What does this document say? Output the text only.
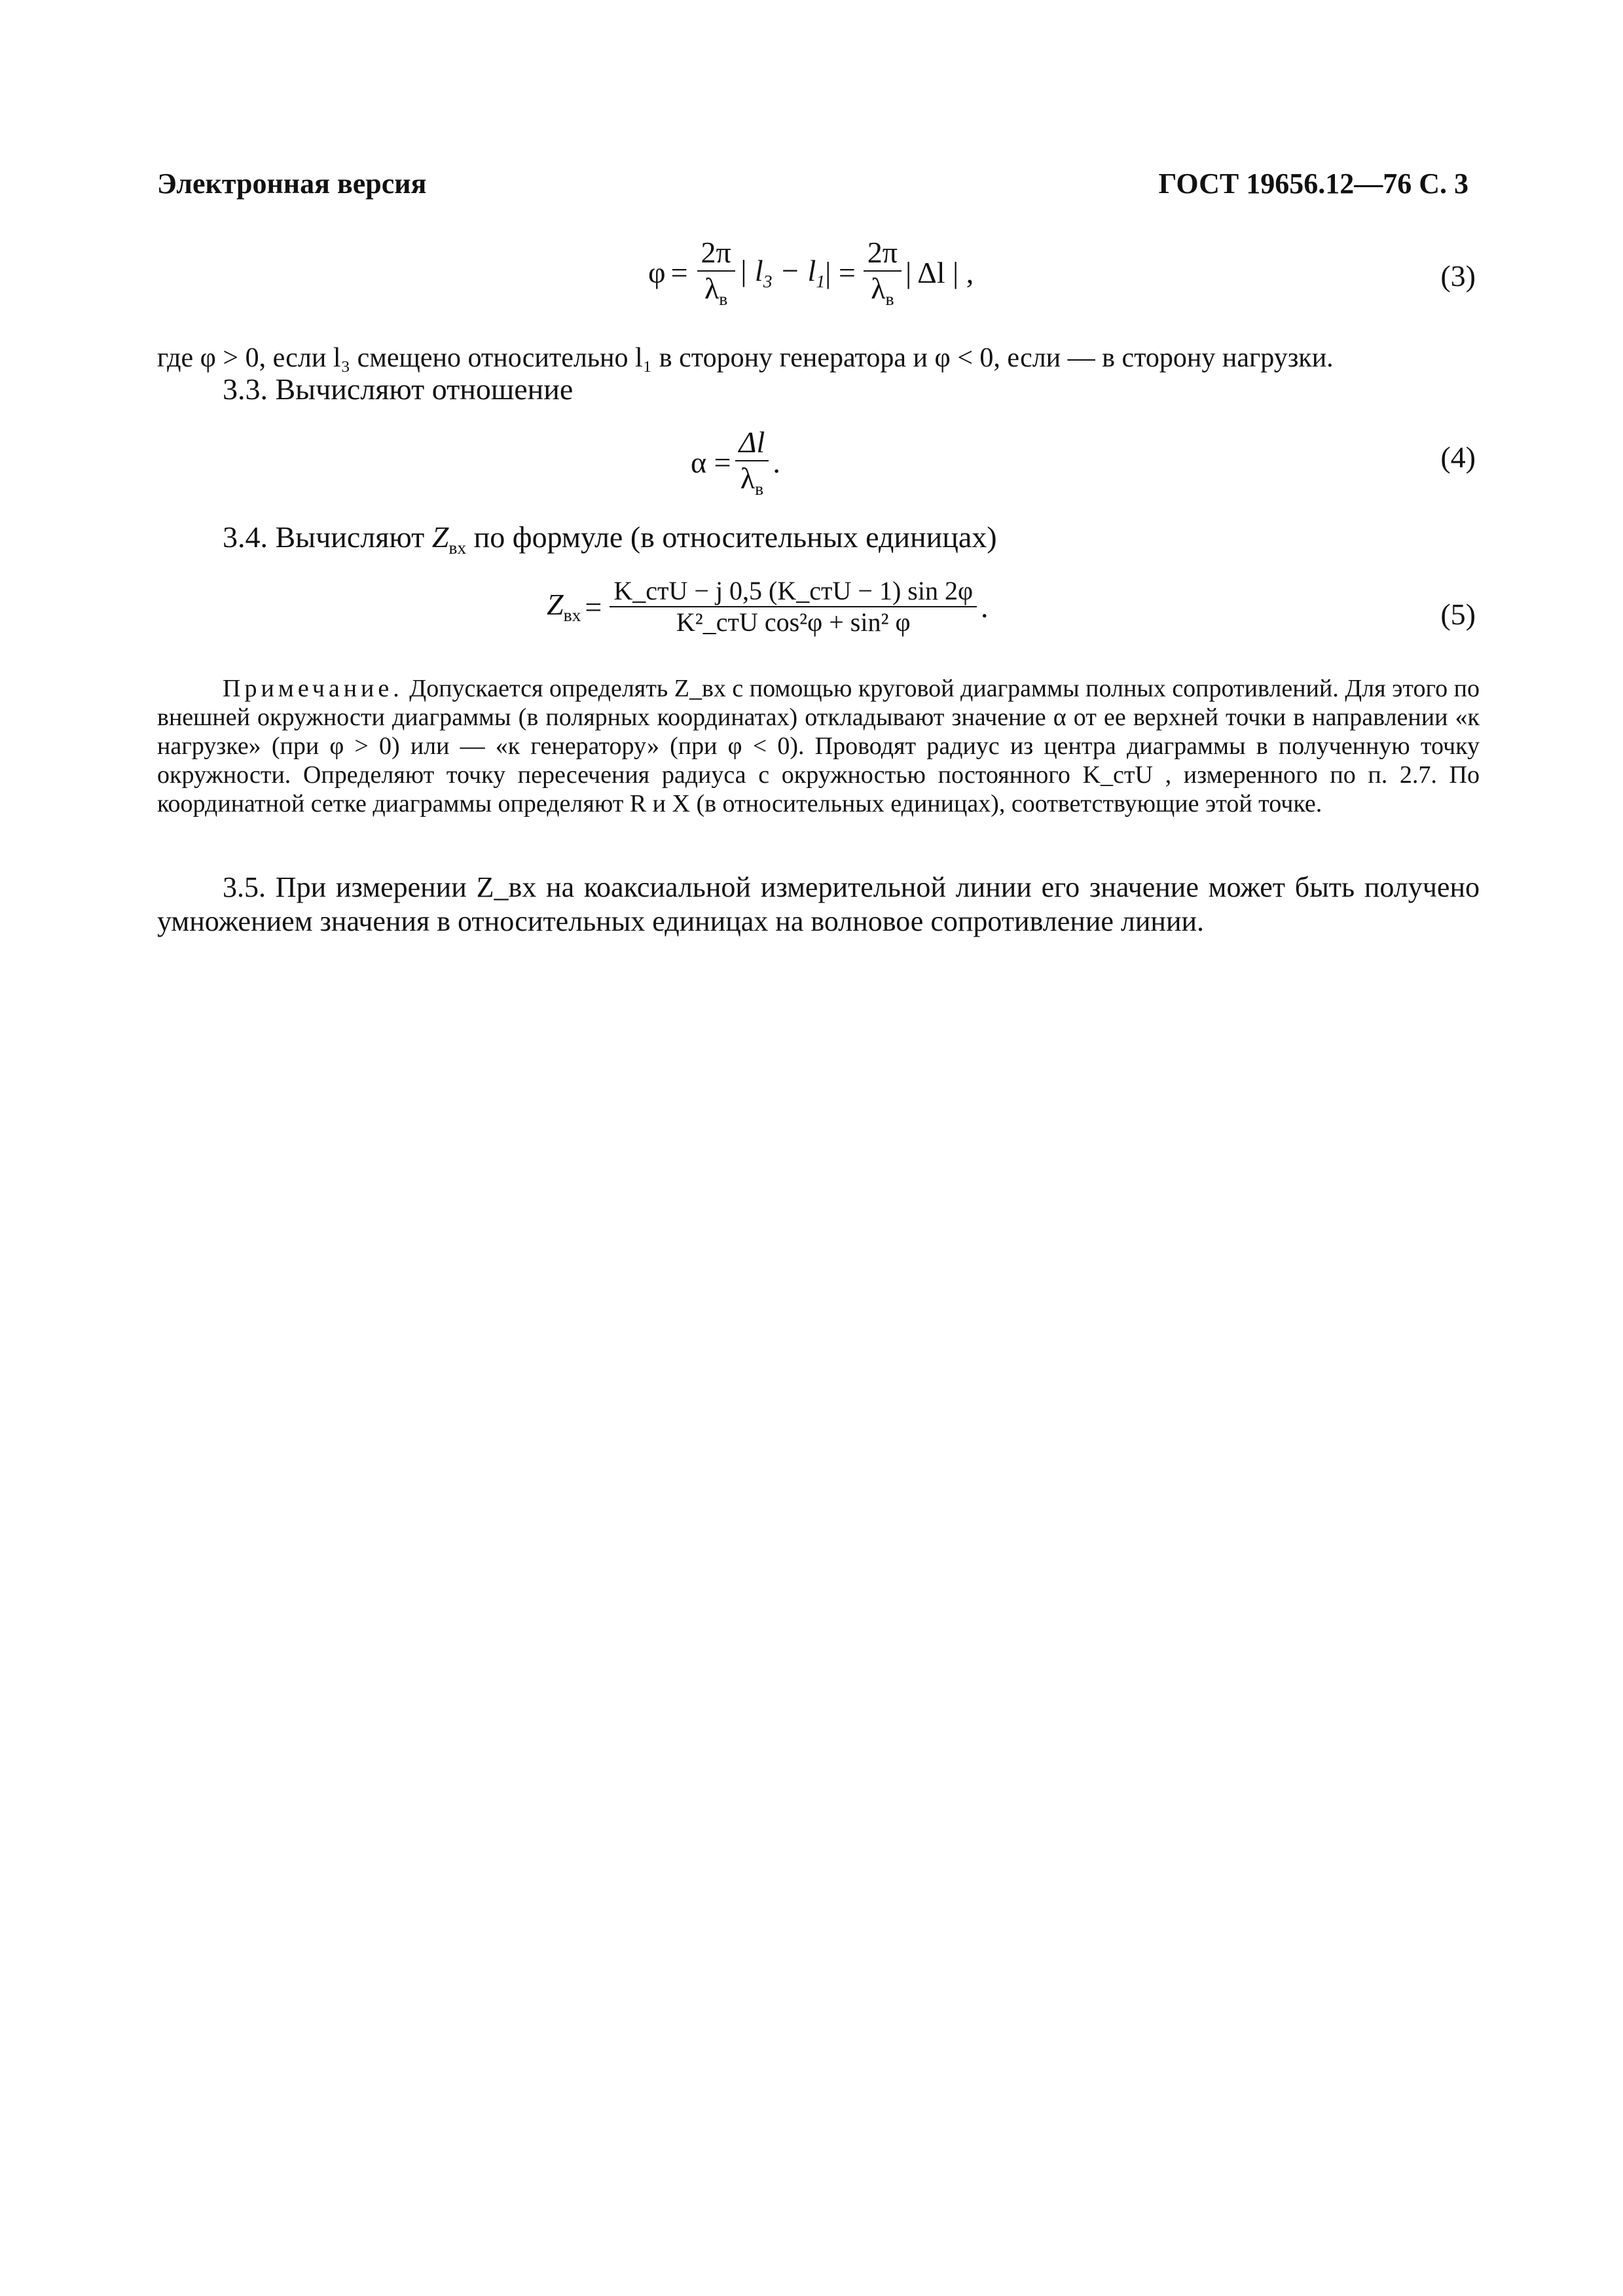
Электронная версия	ГОСТ 19656.12—76 С. 3
$\varphi = \frac{2\pi}{\lambda_в}$ | $l_3 - l_1$ | = $\frac{2\pi}{\lambda_в}$ | Δl | ,	(3)
где φ > 0, если l₃ смещено относительно l₁ в сторону генератора и φ < 0, если — в сторону нагрузки.
3.3. Вычисляют отношение
$\alpha = \frac{\Delta l}{\lambda_в}$ .	(4)
3.4. Вычисляют $Z_{вх}$ по формуле (в относительных единицах)
$Z_{вх} = \frac{\text{K\_стU − j 0,5 (K\_стU − 1) sin 2φ}}{\text{K²\_стU cos²φ + sin² φ}}$ .	(5)

Примечание. Допускается определять Z_вх с помощью круговой диаграммы полных сопротивлений. Для этого по внешней окружности диаграммы (в полярных координатах) откладывают значение α от ее верхней точки в направлении «к нагрузке» (при φ > 0) или — «к генератору» (при φ < 0). Проводят радиус из центра диаграммы в полученную точку окружности. Определяют точку пересечения радиуса с окружностью постоянного K_стU , измеренного по п. 2.7. По координатной сетке диаграммы определяют R и X (в относительных единицах), соответствующие этой точке.

3.5. При измерении Z_вх на коаксиальной измерительной линии его значение может быть получено умножением значения в относительных единицах на волновое сопротивление линии.
